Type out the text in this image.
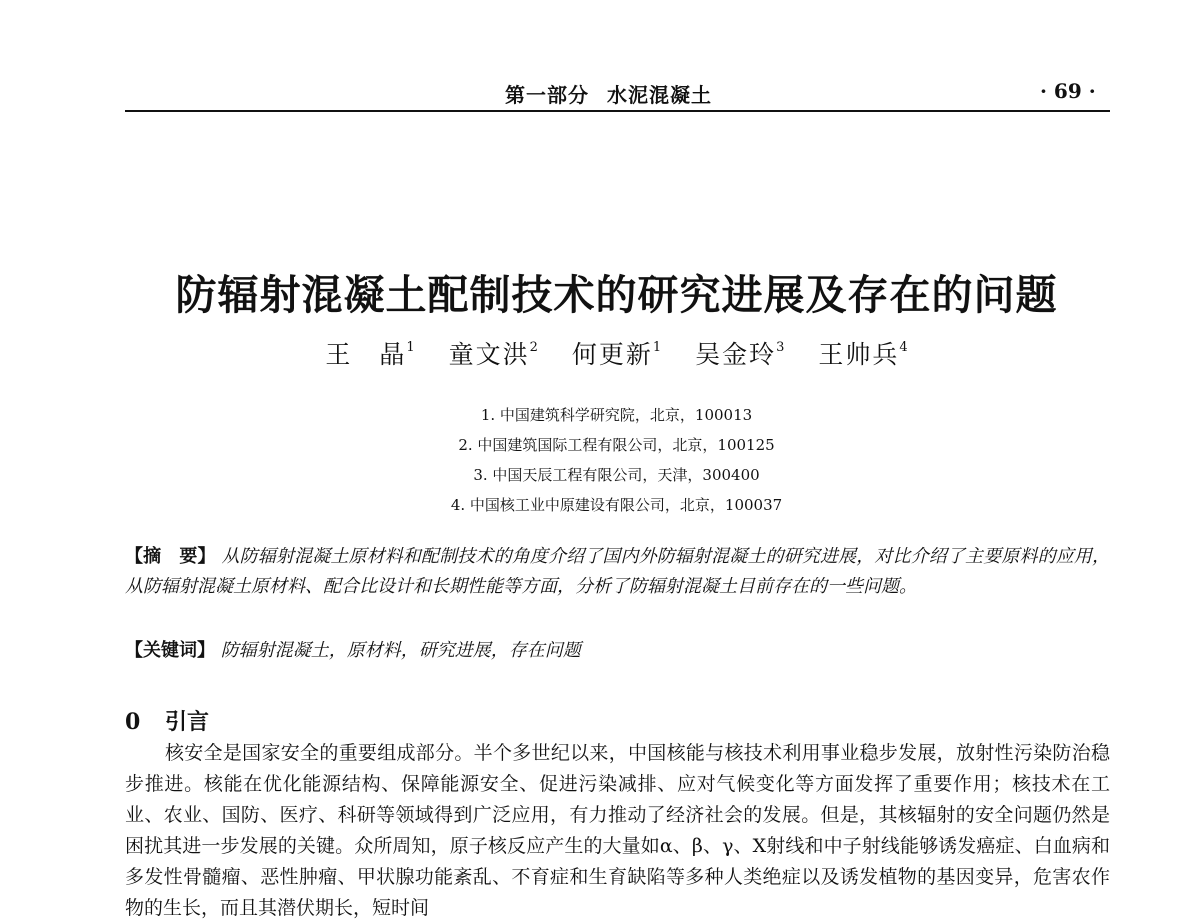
第一部分 水泥混凝土	· 69 ·
防辐射混凝土配制技术的研究进展及存在的问题
王　晶$^1$ 童文洪$^2$ 何更新$^1$ 吴金玲$^3$ 王帅兵$^4$
1. 中国建筑科学研究院，北京，100013
2. 中国建筑国际工程有限公司，北京，100125
3. 中国天辰工程有限公司，天津，300400
4. 中国核工业中原建设有限公司，北京，100037
【摘　要】 从防辐射混凝土原材料和配制技术的角度介绍了国内外防辐射混凝土的研究进展，对比介绍了主要原料的应用，从防辐射混凝土原材料、配合比设计和长期性能等方面，分析了防辐射混凝土目前存在的一些问题。
【关键词】 防辐射混凝土，原材料，研究进展，存在问题
0 引言
核安全是国家安全的重要组成部分。半个多世纪以来，中国核能与核技术利用事业稳步发展，放射性污染防治稳步推进。核能在优化能源结构、保障能源安全、促进污染减排、应对气候变化等方面发挥了重要作用；核技术在工业、农业、国防、医疗、科研等领域得到广泛应用，有力推动了经济社会的发展。但是，其核辐射的安全问题仍然是困扰其进一步发展的关键。众所周知，原子核反应产生的大量如α、β、γ、X射线和中子射线能够诱发癌症、白血病和多发性骨髓瘤、恶性肿瘤、甲状腺功能紊乱、不育症和生育缺陷等多种人类绝症以及诱发植物的基因变异，危害农作物的生长，而且其潜伏期长，短时间
